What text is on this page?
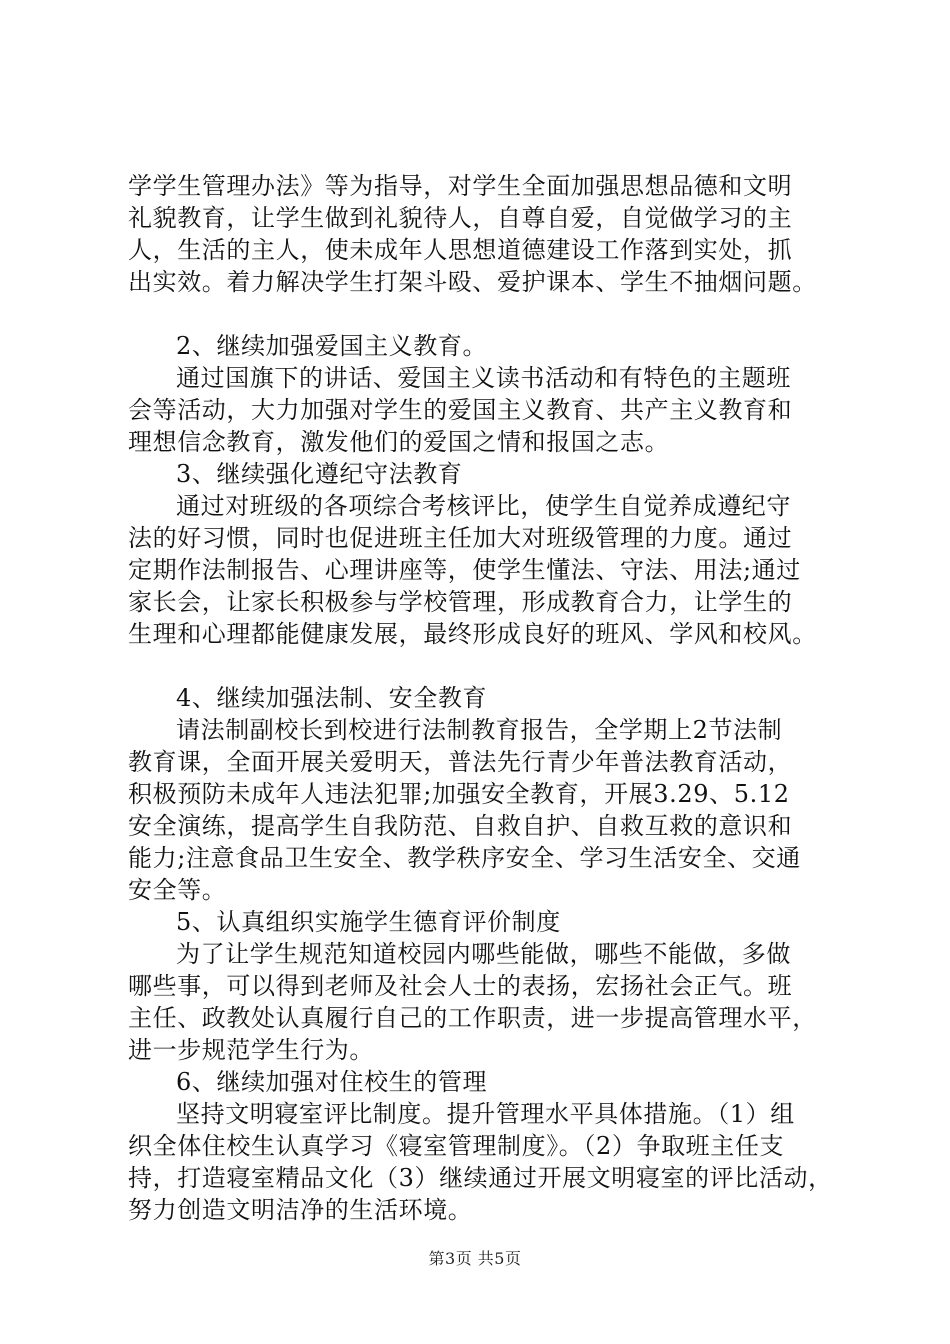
学学生管理办法》等为指导，对学生全面加强思想品德和文明
礼貌教育，让学生做到礼貌待人，自尊自爱，自觉做学习的主
人，生活的主人，使未成年人思想道德建设工作落到实处，抓
出实效。着力解决学生打架斗殴、爱护课本、学生不抽烟问题。
2、继续加强爱国主义教育。
通过国旗下的讲话、爱国主义读书活动和有特色的主题班
会等活动，大力加强对学生的爱国主义教育、共产主义教育和
理想信念教育，激发他们的爱国之情和报国之志。
3、继续强化遵纪守法教育
通过对班级的各项综合考核评比，使学生自觉养成遵纪守
法的好习惯，同时也促进班主任加大对班级管理的力度。通过
定期作法制报告、心理讲座等，使学生懂法、守法、用法;通过
家长会，让家长积极参与学校管理，形成教育合力，让学生的
生理和心理都能健康发展，最终形成良好的班风、学风和校风。
4、继续加强法制、安全教育
请法制副校长到校进行法制教育报告，全学期上2节法制
教育课，全面开展关爱明天，普法先行青少年普法教育活动，
积极预防未成年人违法犯罪;加强安全教育，开展3.29、5.12
安全演练，提高学生自我防范、自救自护、自救互救的意识和
能力;注意食品卫生安全、教学秩序安全、学习生活安全、交通
安全等。
5、认真组织实施学生德育评价制度
为了让学生规范知道校园内哪些能做，哪些不能做，多做
哪些事，可以得到老师及社会人士的表扬，宏扬社会正气。班
主任、政教处认真履行自己的工作职责，进一步提高管理水平，
进一步规范学生行为。
6、继续加强对住校生的管理
坚持文明寝室评比制度。提升管理水平具体措施。（1）组
织全体住校生认真学习《寝室管理制度》。（2）争取班主任支
持，打造寝室精品文化（3）继续通过开展文明寝室的评比活动，
努力创造文明洁净的生活环境。
第3页 共5页
